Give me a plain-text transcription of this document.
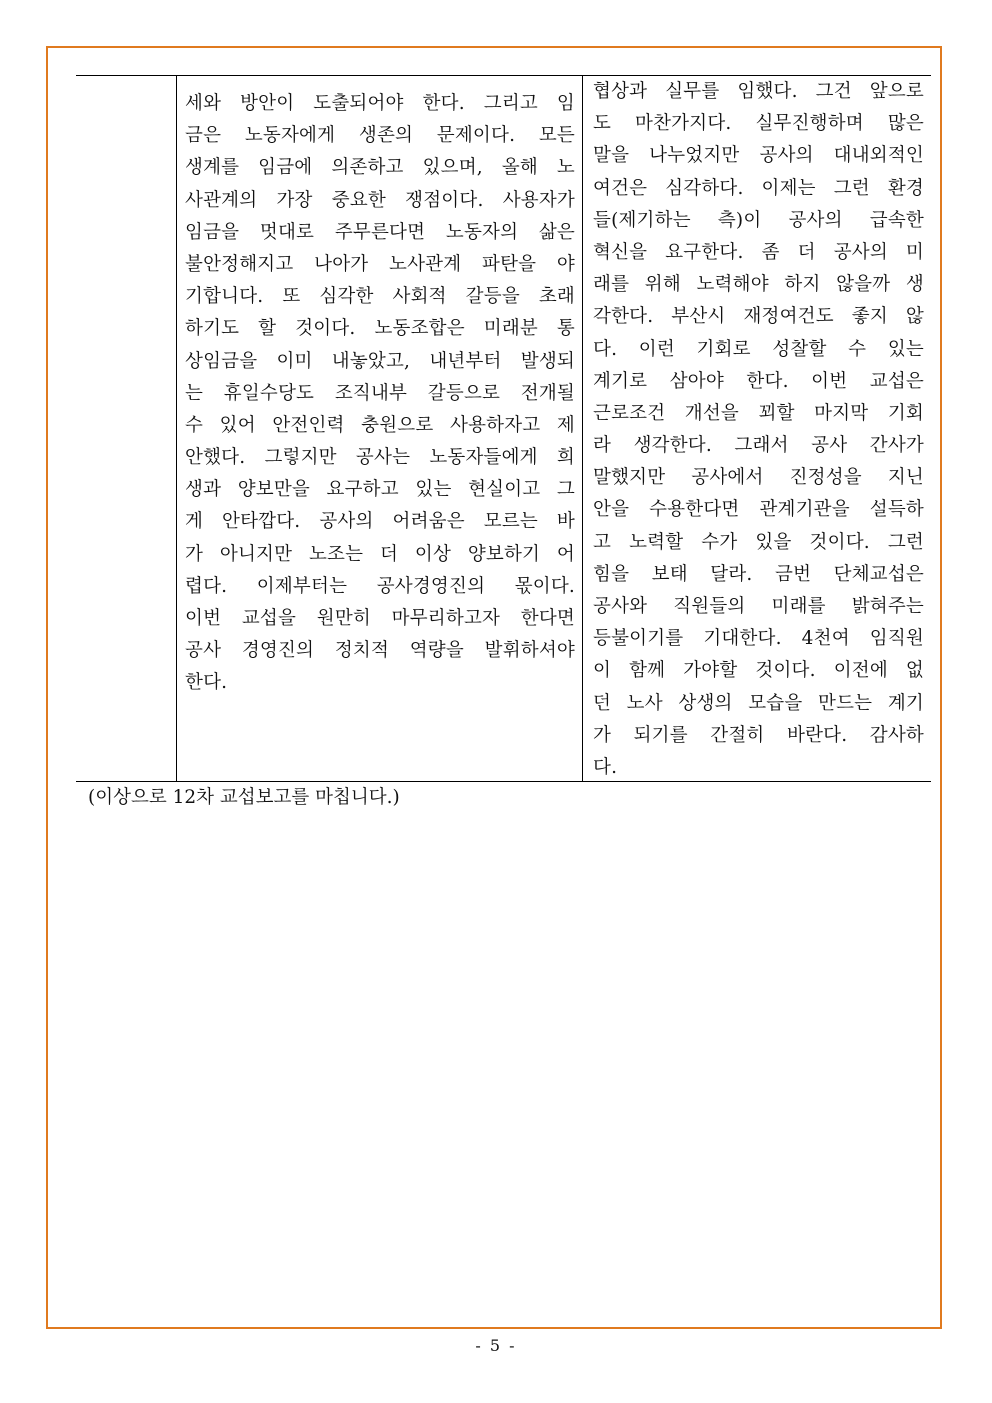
세와 방안이 도출되어야 한다. 그리고 임
금은 노동자에게 생존의 문제이다. 모든
생계를 임금에 의존하고 있으며, 올해 노
사관계의 가장 중요한 쟁점이다. 사용자가
임금을 멋대로 주무른다면 노동자의 삶은
불안정해지고 나아가 노사관계 파탄을 야
기합니다. 또 심각한 사회적 갈등을 초래
하기도 할 것이다. 노동조합은 미래분 통
상임금을 이미 내놓았고, 내년부터 발생되
는 휴일수당도 조직내부 갈등으로 전개될
수 있어 안전인력 충원으로 사용하자고 제
안했다. 그렇지만 공사는 노동자들에게 희
생과 양보만을 요구하고 있는 현실이고 그
게 안타깝다. 공사의 어려움은 모르는 바
가 아니지만 노조는 더 이상 양보하기 어
렵다. 이제부터는 공사경영진의 몫이다.
이번 교섭을 원만히 마무리하고자 한다면
공사 경영진의 정치적 역량을 발휘하셔야
한다.
협상과 실무를 임했다. 그건 앞으로
도 마찬가지다. 실무진행하며 많은
말을 나누었지만 공사의 대내외적인
여건은 심각하다. 이제는 그런 환경
들(제기하는 측)이 공사의 급속한
혁신을 요구한다. 좀 더 공사의 미
래를 위해 노력해야 하지 않을까 생
각한다. 부산시 재정여건도 좋지 않
다. 이런 기회로 성찰할 수 있는
계기로 삼아야 한다. 이번 교섭은
근로조건 개선을 꾀할 마지막 기회
라 생각한다. 그래서 공사 간사가
말했지만 공사에서 진정성을 지닌
안을 수용한다면 관계기관을 설득하
고 노력할 수가 있을 것이다. 그런
힘을 보태 달라. 금번 단체교섭은
공사와 직원들의 미래를 밝혀주는
등불이기를 기대한다. 4천여 임직원
이 함께 가야할 것이다. 이전에 없
던 노사 상생의 모습을 만드는 계기
가 되기를 간절히 바란다. 감사하
다.
(이상으로 12차 교섭보고를 마칩니다.)
- 5 -
